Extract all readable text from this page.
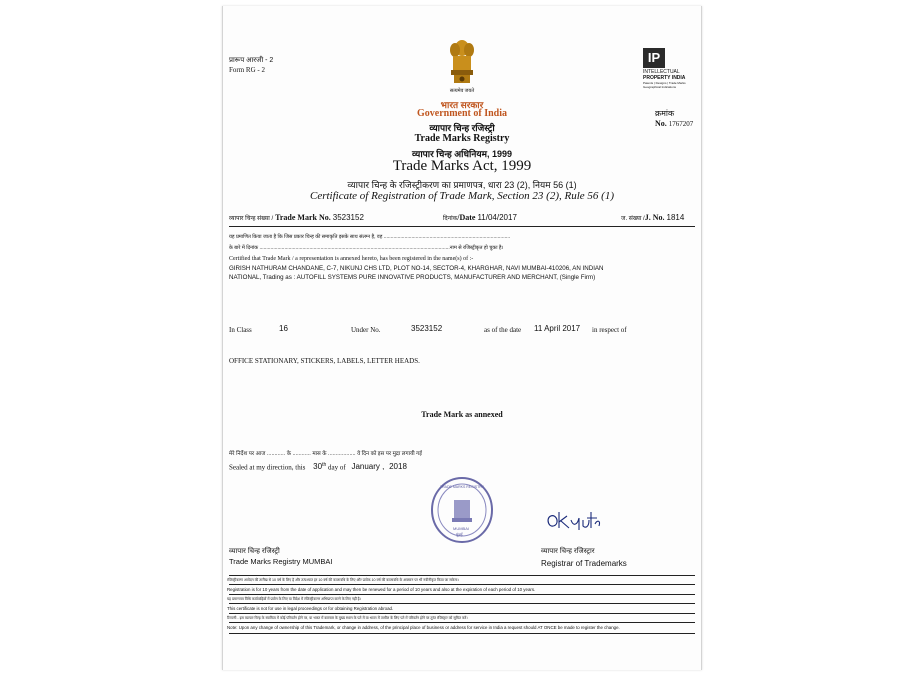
प्रारूप आरजी - 2
Form RG - 2
सत्यमेव जयते
IP
INTELLECTUAL
PROPERTY INDIA
Patents | Designs | Trade Marks
Geographical Indications
भारत सरकार
Government of India
व्यापार चिन्ह रजिस्ट्री
Trade Marks Registry
व्यापार चिन्ह अधिनियम, 1999
Trade Marks Act, 1999
व्यापार चिन्ह के रजिस्ट्रीकरण का प्रमाणपत्र, धारा 23 (2), नियम 56 (1)
Certificate of Registration of Trade Mark, Section 23 (2), Rule 56 (1)
क्रमांक
No. 1767207
व्यापार चिन्ह संख्या / Trade Mark No. 3523152	दिनांक/Date 11/04/2017	ज. संख्या /J. No. 1814
यह प्रमाणित किया जाता है कि जिस प्रकार चिन्ह की समाकृति इसके साथ संलग्न है, वह ...........................................................................................
के बारे में दिनांक .........................................................................................................................................नाम से रजिस्ट्रीकृत हो चुका है।
Certified that Trade Mark / a representation is annexed hereto, has been registered in the name(s) of :-
GIRISH NATHURAM CHANDANE, C-7, NIKUNJ CHS LTD, PLOT NO-14, SECTOR-4, KHARGHAR, NAVI MUMBAI-410206, AN INDIAN
NATIONAL, Trading as : AUTOFILL SYSTEMS PURE INNOVATIVE PRODUCTS, MANUFACTURER AND MERCHANT, (Single Firm)
In Class	16	Under No.	3523152	as of the date 11 April 2017 in respect of
OFFICE STATIONARY, STICKERS, LABELS, LETTER HEADS.
Trade Mark as annexed
मेरे निर्देश पर आज ............ के ............ मास के .................. वे दिन को इस पर मुद्रा लगायी गई
Sealed at my direction, this 30th day of January , 2018
TRADE MARKS REGISTRY
MUMBAI
मुंबई
व्यापार चिन्ह रजिस्ट्री
Trade Marks Registry MUMBAI
व्यापार चिन्ह रजिस्ट्रार
Registrar of Trademarks
रजिस्ट्रीकरण आवेदन की तारीख से 10 वर्ष के लिए है और तत्पश्चात हर 10 वर्ष की कालावधि के लिए और प्रत्येक 10 वर्ष की कालावधि के अवसान पर भी नवीनीकृत किया जा सकेगा।
Registration is for 10 years from the date of application and may then be renewed for a period of 10 years and also at the expiration of each period of 10 years.
यह प्रमाणपत्र विधि कार्यवाहियों में प्रयोग के लिए या विदेश में रजिस्ट्रीकरण अभिप्राप्त करने के लिए नहीं है।
This certificate is not for use in legal proceedings or for obtaining Registration abroad.
टिप्पणी - इस व्यापार चिन्ह के स्वामित्व में कोई परिवर्तन होने पर, या भारत में कारबार के मुख्य स्थान के पते में या भारत में तामील के लिए पते में परिवर्तन होने पर तुरंत रजिस्ट्रार को सूचित करें।
Note: Upon any change of ownership of this Trademark, or change in address, of the principal place of business or address for service in India a request should AT ONCE be made to register the change.
